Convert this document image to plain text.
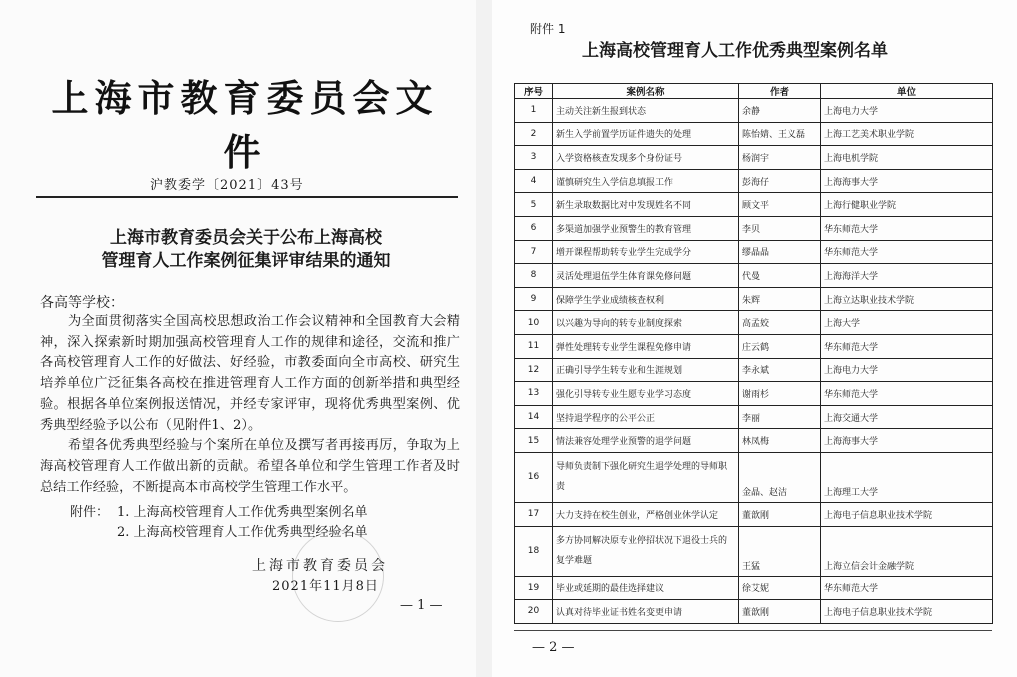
上海市教育委员会文件
沪教委学〔2021〕43号
上海市教育委员会关于公布上海高校
管理育人工作案例征集评审结果的通知
各高等学校：

为全面贯彻落实全国高校思想政治工作会议精神和全国教育大会精神，深入探索新时期加强高校管理育人工作的规律和途径，交流和推广各高校管理育人工作的好做法、好经验，市教委面向全市高校、研究生培养单位广泛征集各高校在推进管理育人工作方面的创新举措和典型经验。根据各单位案例报送情况，并经专家评审，现将优秀典型案例、优秀典型经验予以公布（见附件1、2）。

希望各优秀典型经验与个案所在单位及撰写者再接再厉，争取为上海高校管理育人工作做出新的贡献。希望各单位和学生管理工作者及时总结工作经验，不断提高本市高校学生管理工作水平。

附件： 1. 上海高校管理育人工作优秀典型案例名单
2. 上海高校管理育人工作优秀典型经验名单
上海市教育委员会
2021年11月8日
— 1 —
附件 1
上海高校管理育人工作优秀典型案例名单
序号	案例名称	作者	单位
1	主动关注新生报到状态	余静	上海电力大学
2	新生入学前置学历证件遗失的处理	陈怡婧、王义磊	上海工艺美术职业学院
3	入学资格核查发现多个身份证号	杨润宇	上海电机学院
4	谨慎研究生入学信息填报工作	彭海仔	上海海事大学
5	新生录取数据比对中发现姓名不同	顾文平	上海行健职业学院
6	多渠道加强学业预警生的教育管理	李贝	华东师范大学
7	增开课程帮助转专业学生完成学分	缪晶晶	华东师范大学
8	灵活处理退伍学生体育课免修问题	代曼	上海海洋大学
9	保障学生学业成绩核查权利	朱辉	上海立达职业技术学院
10	以兴趣为导向的转专业制度探索	高孟姣	上海大学
11	弹性处理转专业学生课程免修申请	庄云鹤	华东师范大学
12	正确引导学生转专业和生涯规划	李永斌	上海电力大学
13	强化引导转专业生愿专业学习态度	谢雨杉	华东师范大学
14	坚持退学程序的公平公正	李丽	上海交通大学
15	情法兼容处理学业预警的退学问题	林凤梅	上海海事大学
16	导师负责制下强化研究生退学处理的导师职责	金晶、赵洁	上海理工大学
17	大力支持在校生创业，严格创业休学认定	董歆刚	上海电子信息职业技术学院
18	多方协同解决原专业停招状况下退役士兵的复学难题	王猛	上海立信会计金融学院
19	毕业或延期的最佳选择建议	徐艾妮	华东师范大学
20	认真对待毕业证书姓名变更申请	董歆刚	上海电子信息职业技术学院
— 2 —
